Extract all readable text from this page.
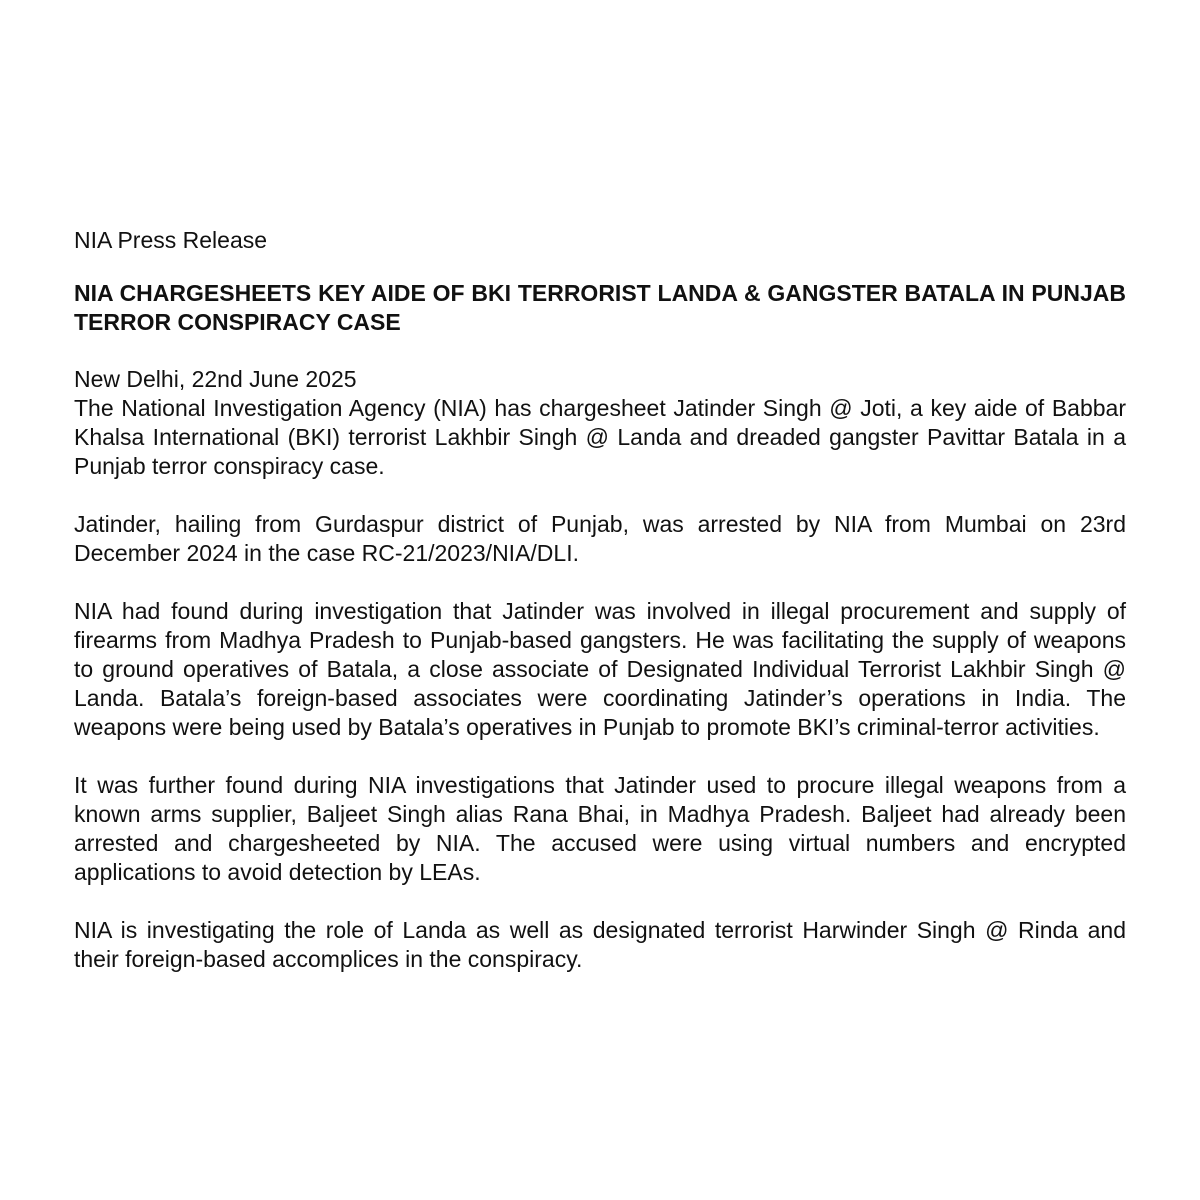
NIA Press Release

NIA CHARGESHEETS KEY AIDE OF BKI TERRORIST LANDA & GANGSTER BATALA IN PUNJAB TERROR CONSPIRACY CASE

New Delhi, 22nd June 2025

The National Investigation Agency (NIA) has chargesheet Jatinder Singh @ Joti, a key aide of Babbar Khalsa International (BKI) terrorist Lakhbir Singh @ Landa and dreaded gangster Pavittar Batala in a Punjab terror conspiracy case.

Jatinder, hailing from Gurdaspur district of Punjab, was arrested by NIA from Mumbai on 23rd December 2024 in the case RC-21/2023/NIA/DLI.

NIA had found during investigation that Jatinder was involved in illegal procurement and supply of firearms from Madhya Pradesh to Punjab-based gangsters. He was facilitating the supply of weapons to ground operatives of Batala, a close associate of Designated Individual Terrorist Lakhbir Singh @ Landa. Batala’s foreign-based associates were coordinating Jatinder’s operations in India. The weapons were being used by Batala’s operatives in Punjab to promote BKI’s criminal-terror activities.

It was further found during NIA investigations that Jatinder used to procure illegal weapons from a known arms supplier, Baljeet Singh alias Rana Bhai, in Madhya Pradesh. Baljeet had already been arrested and chargesheeted by NIA. The accused were using virtual numbers and encrypted applications to avoid detection by LEAs.

NIA is investigating the role of Landa as well as designated terrorist Harwinder Singh @ Rinda and their foreign-based accomplices in the conspiracy.
